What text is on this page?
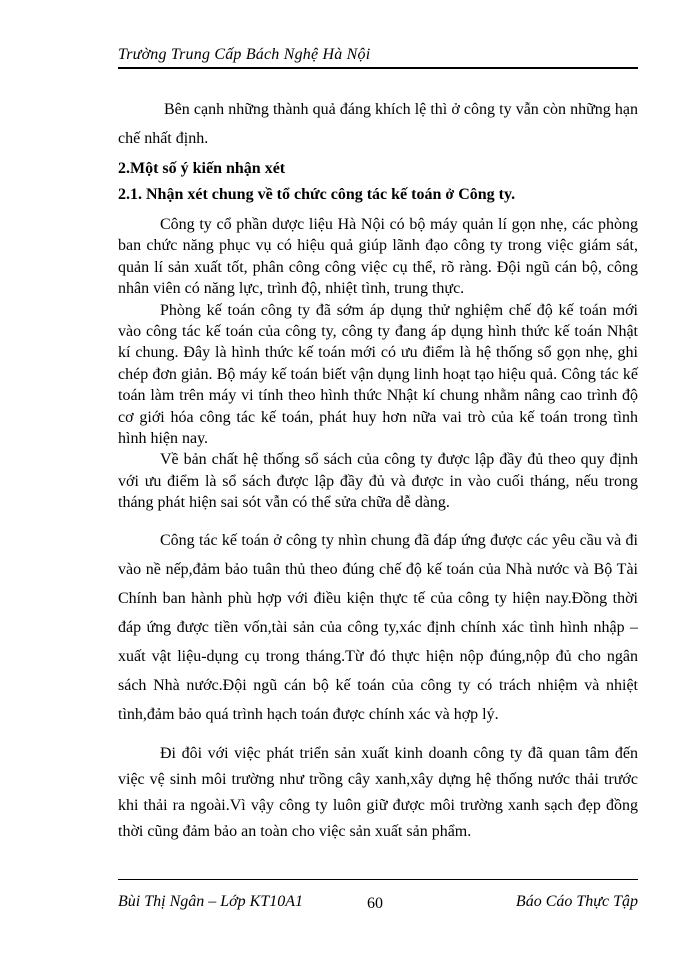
Trường Trung Cấp Bách Nghệ Hà Nội

Bên cạnh những thành quả đáng khích lệ thì ở công ty vẫn còn những hạn chế nhất định.

2.Một số ý kiến nhận xét

2.1. Nhận xét chung về tổ chức công tác kế toán ở Công ty.

Công ty cổ phần dược liệu Hà Nội có bộ máy quản lí gọn nhẹ, các phòng ban chức năng phục vụ có hiệu quả giúp lãnh đạo công ty trong việc giám sát, quản lí sản xuất tốt, phân công công việc cụ thể, rõ ràng. Đội ngũ cán bộ, công nhân viên có năng lực, trình độ, nhiệt tình, trung thực.

Phòng kế toán công ty đã sớm áp dụng thử nghiệm chế độ kế toán mới vào công tác kế toán của công ty, công ty đang áp dụng hình thức kế toán Nhật kí chung. Đây là hình thức kế toán mới có ưu điểm là hệ thống sổ gọn nhẹ, ghi chép đơn giản. Bộ máy kế toán biết vận dụng linh hoạt tạo hiệu quả. Công tác kế toán làm trên máy vi tính theo hình thức Nhật kí chung nhằm nâng cao trình độ cơ giới hóa công tác kế toán, phát huy hơn nữa vai trò của kế toán trong tình hình hiện nay.

Về bản chất hệ thống sổ sách của công ty được lập đầy đủ theo quy định với ưu điểm là sổ sách được lập đầy đủ và được in vào cuối tháng, nếu trong tháng phát hiện sai sót vẫn có thể sửa chữa dễ dàng.

Công tác kế toán ở công ty nhìn chung đã đáp ứng được các yêu cầu và đi vào nề nếp,đảm bảo tuân thủ theo đúng chế độ kế toán của Nhà nước và Bộ Tài Chính ban hành phù hợp với điều kiện thực tế của công ty hiện nay.Đồng thời đáp ứng được tiền vốn,tài sản của công ty,xác định chính xác tình hình nhập – xuất vật liệu-dụng cụ trong tháng.Từ đó thực hiện nộp đúng,nộp đủ cho ngân sách Nhà nước.Đội ngũ cán bộ kế toán của công ty có trách nhiệm và nhiệt tình,đảm bảo quá trình hạch toán được chính xác và hợp lý.

Đi đôi với việc phát triển sản xuất kinh doanh công ty đã quan tâm đến việc vệ sinh môi trường như trồng cây xanh,xây dựng hệ thống nước thải trước khi thải ra ngoài.Vì vậy công ty luôn giữ được môi trường xanh sạch đẹp đồng thời cũng đảm bảo an toàn cho việc sản xuất sản phẩm.

Bùi Thị Ngân – Lớp KT10A1	60	Báo Cáo Thực Tập
